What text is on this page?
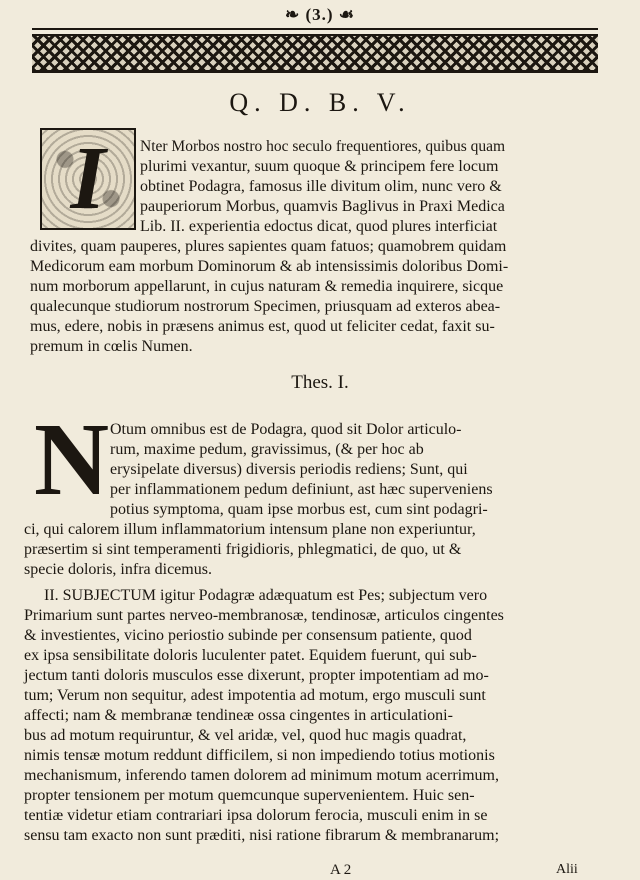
❧ (3.) ☙
Q. D. B. V.
I	Nter Morbos nostro hoc seculo frequentiores, quibus quam
plurimi vexantur, suum quoque & principem fere locum
obtinet Podagra, famosus ille divitum olim, nunc vero &
pauperiorum Morbus, quamvis Baglivus in Praxi Medica
Lib. II. experientia edoctus dicat, quod plures interficiat
divites, quam pauperes, plures sapientes quam fatuos; quamobrem quidam
Medicorum eam morbum Dominorum & ab intensissimis doloribus Domi-
num morborum appellarunt, in cujus naturam & remedia inquirere, sicque
qualecunque studiorum nostrorum Specimen, priusquam ad exteros abea-
mus, edere, nobis in præsens animus est, quod ut feliciter cedat, faxit su-
premum in cœlis Numen.
Thes. I.
N Otum omnibus est de Podagra, quod sit Dolor articulo-
rum, maxime pedum, gravissimus, (& per hoc ab
erysipelate diversus) diversis periodis rediens; Sunt, qui
per inflammationem pedum definiunt, ast hæc superveniens
potius symptoma, quam ipse morbus est, cum sint podagri-
ci, qui calorem illum inflammatorium intensum plane non experiuntur,
præsertim si sint temperamenti frigidioris, phlegmatici, de quo, ut &
specie doloris, infra dicemus.
II. SUBJECTUM igitur Podagræ adæquatum est Pes; subjectum vero
Primarium sunt partes nerveo-membranosæ, tendinosæ, articulos cingentes
& investientes, vicino periostio subinde per consensum patiente, quod
ex ipsa sensibilitate doloris luculenter patet. Equidem fuerunt, qui sub-
jectum tanti doloris musculos esse dixerunt, propter impotentiam ad mo-
tum; Verum non sequitur, adest impotentia ad motum, ergo musculi sunt
affecti; nam & membranæ tendineæ ossa cingentes in articulationi-
bus ad motum requiruntur, & vel aridæ, vel, quod huc magis quadrat,
nimis tensæ motum reddunt difficilem, si non impediendo totius motionis
mechanismum, inferendo tamen dolorem ad minimum motum acerrimum,
propter tensionem per motum quemcunque supervenientem. Huic sen-
tentiæ videtur etiam contrariari ipsa dolorum ferocia, musculi enim in se
sensu tam exacto non sunt præditi, nisi ratione fibrarum & membranarum;
A 2	Alii
